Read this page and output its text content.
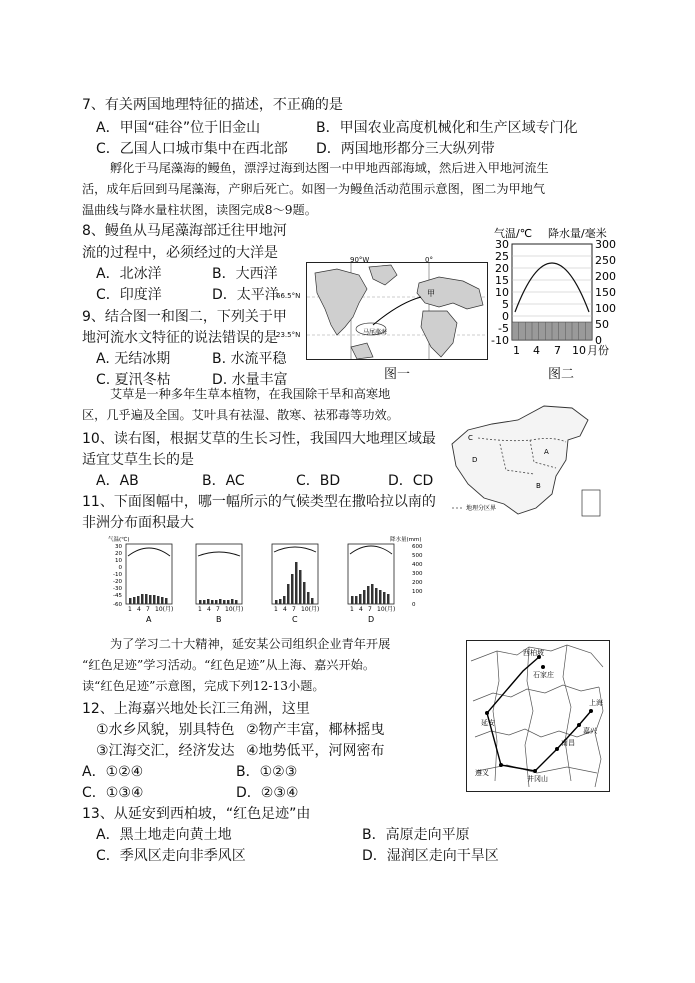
7、有关两国地理特征的描述，不正确的是
A．甲国“硅谷”位于旧金山	B．甲国农业高度机械化和生产区域专门化
C．乙国人口城市集中在西北部 D．两国地形都分三大纵列带
孵化于马尾藻海的鳗鱼，漂浮过海到达图一中甲地西部海域，然后进入甲地河流生
活，成年后回到马尾藻海，产卵后死亡。如图一为鳗鱼活动范围示意图，图二为甲地气
温曲线与降水量柱状图，读图完成8～9题。
8、鳗鱼从马尾藻海部迁往甲地河
流的过程中，必须经过的大洋是
A．北冰洋	B．大西洋
C．印度洋	D．太平洋
9、结合图一和图二，下列关于甲
地河流水文特征的说法错误的是
A. 无结冰期	B. 水流平稳
C. 夏汛冬枯	D. 水量丰富
马尾藻海
甲
90°W	0°
66.5°N
23.5°N
图一
气温/℃ 降水量/毫米
30
25
20
15
10
5
0
-5
-10
300
250
200
150
100
50
0
1 4 7 10 月份
图二
艾草是一种多年生草本植物，在我国除干旱和高寒地
区，几乎遍及全国。艾叶具有祛湿、散寒、祛邪毒等功效。
C
D
A
B
地理分区界
10、读右图，根据艾草的生长习性，我国四大地理区域最
适宜艾草生长的是
A．AB	B．AC	C．BD	D．CD
11、下面图幅中，哪一幅所示的气候类型在撒哈拉以南的
非洲分布面积最大
气温(℃)	降水量(mm)
30
20
10
0
-10
-20
-30
-45
-60
600
500
400
300
200
100
0
1 4 7 10(月)	1 4 7 10(月)	1 4 7 10(月)	1 4 7 10(月)
A	B	C	D
为了学习二十大精神，延安某公司组织企业青年开展
“红色足迹”学习活动。“红色足迹”从上海、嘉兴开始。
读“红色足迹”示意图，完成下列12-13小题。
西柏坡
石家庄
延安
上海
嘉兴
南昌
井冈山
遵义
12、上海嘉兴地处长江三角洲，这里
①水乡风貌，别具特色 ②物产丰富，椰林摇曳
③江海交汇，经济发达 ④地势低平，河网密布
A．①②④	B．①②③
C．①③④	D．②③④
13、从延安到西柏坡，“红色足迹”由
A．黑土地走向黄土地	B．高原走向平原
C．季风区走向非季风区	D．湿润区走向干旱区
